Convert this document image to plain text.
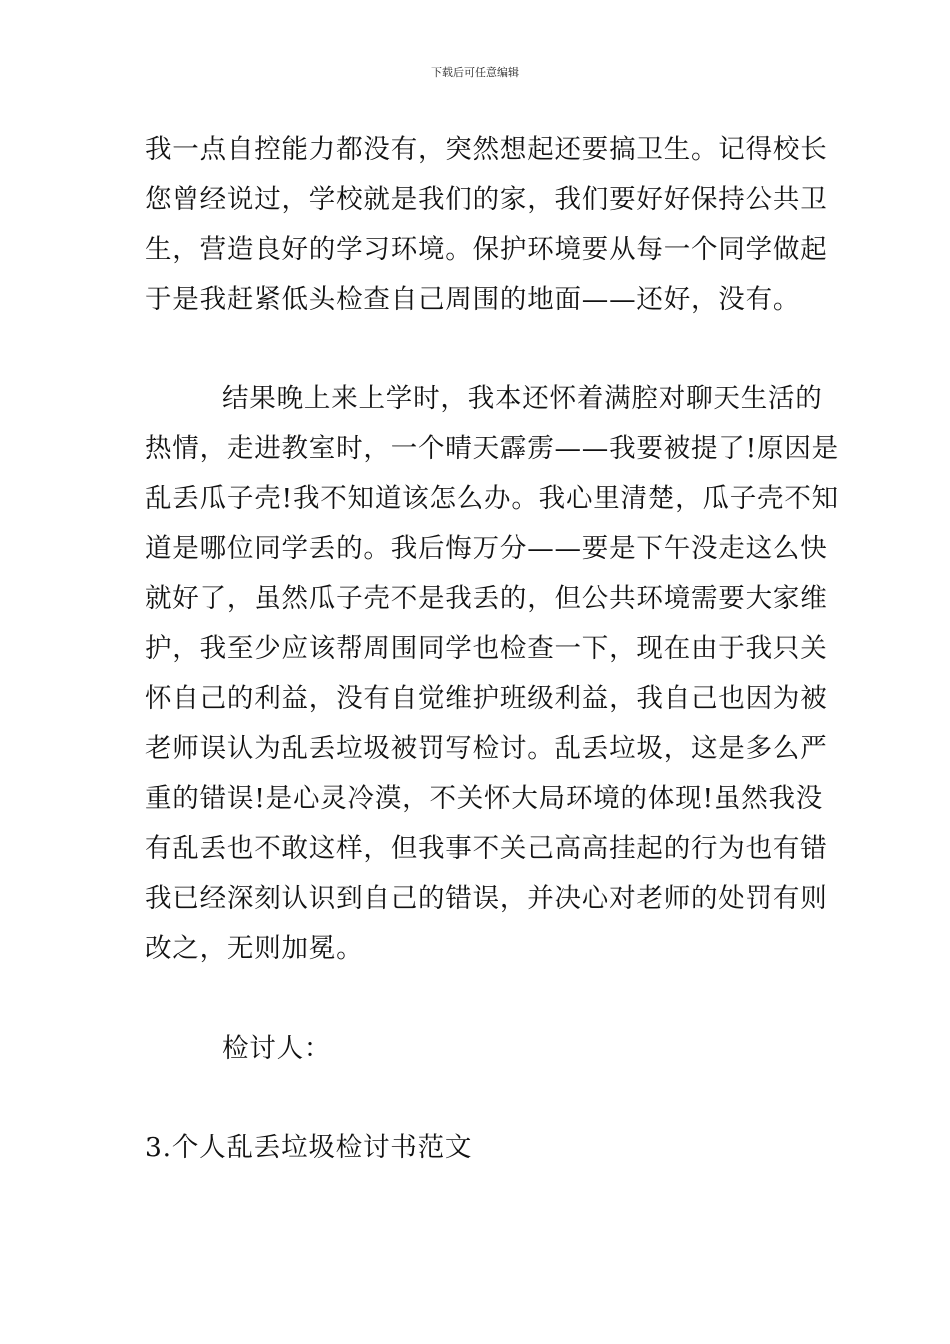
下载后可任意编辑
我一点自控能力都没有，突然想起还要搞卫生。记得校长
您曾经说过，学校就是我们的家，我们要好好保持公共卫
生，营造良好的学习环境。保护环境要从每一个同学做起
于是我赶紧低头检查自己周围的地面——还好，没有。
结果晚上来上学时，我本还怀着满腔对聊天生活的
热情，走进教室时，一个晴天霹雳——我要被提了!原因是
乱丢瓜子壳!我不知道该怎么办。我心里清楚，瓜子壳不知
道是哪位同学丢的。我后悔万分——要是下午没走这么快
就好了，虽然瓜子壳不是我丢的，但公共环境需要大家维
护，我至少应该帮周围同学也检查一下，现在由于我只关
怀自己的利益，没有自觉维护班级利益，我自己也因为被
老师误认为乱丢垃圾被罚写检讨。乱丢垃圾，这是多么严
重的错误!是心灵冷漠，不关怀大局环境的体现!虽然我没
有乱丢也不敢这样，但我事不关己高高挂起的行为也有错
我已经深刻认识到自己的错误，并决心对老师的处罚有则
改之，无则加冕。
检讨人：
3.个人乱丢垃圾检讨书范文
